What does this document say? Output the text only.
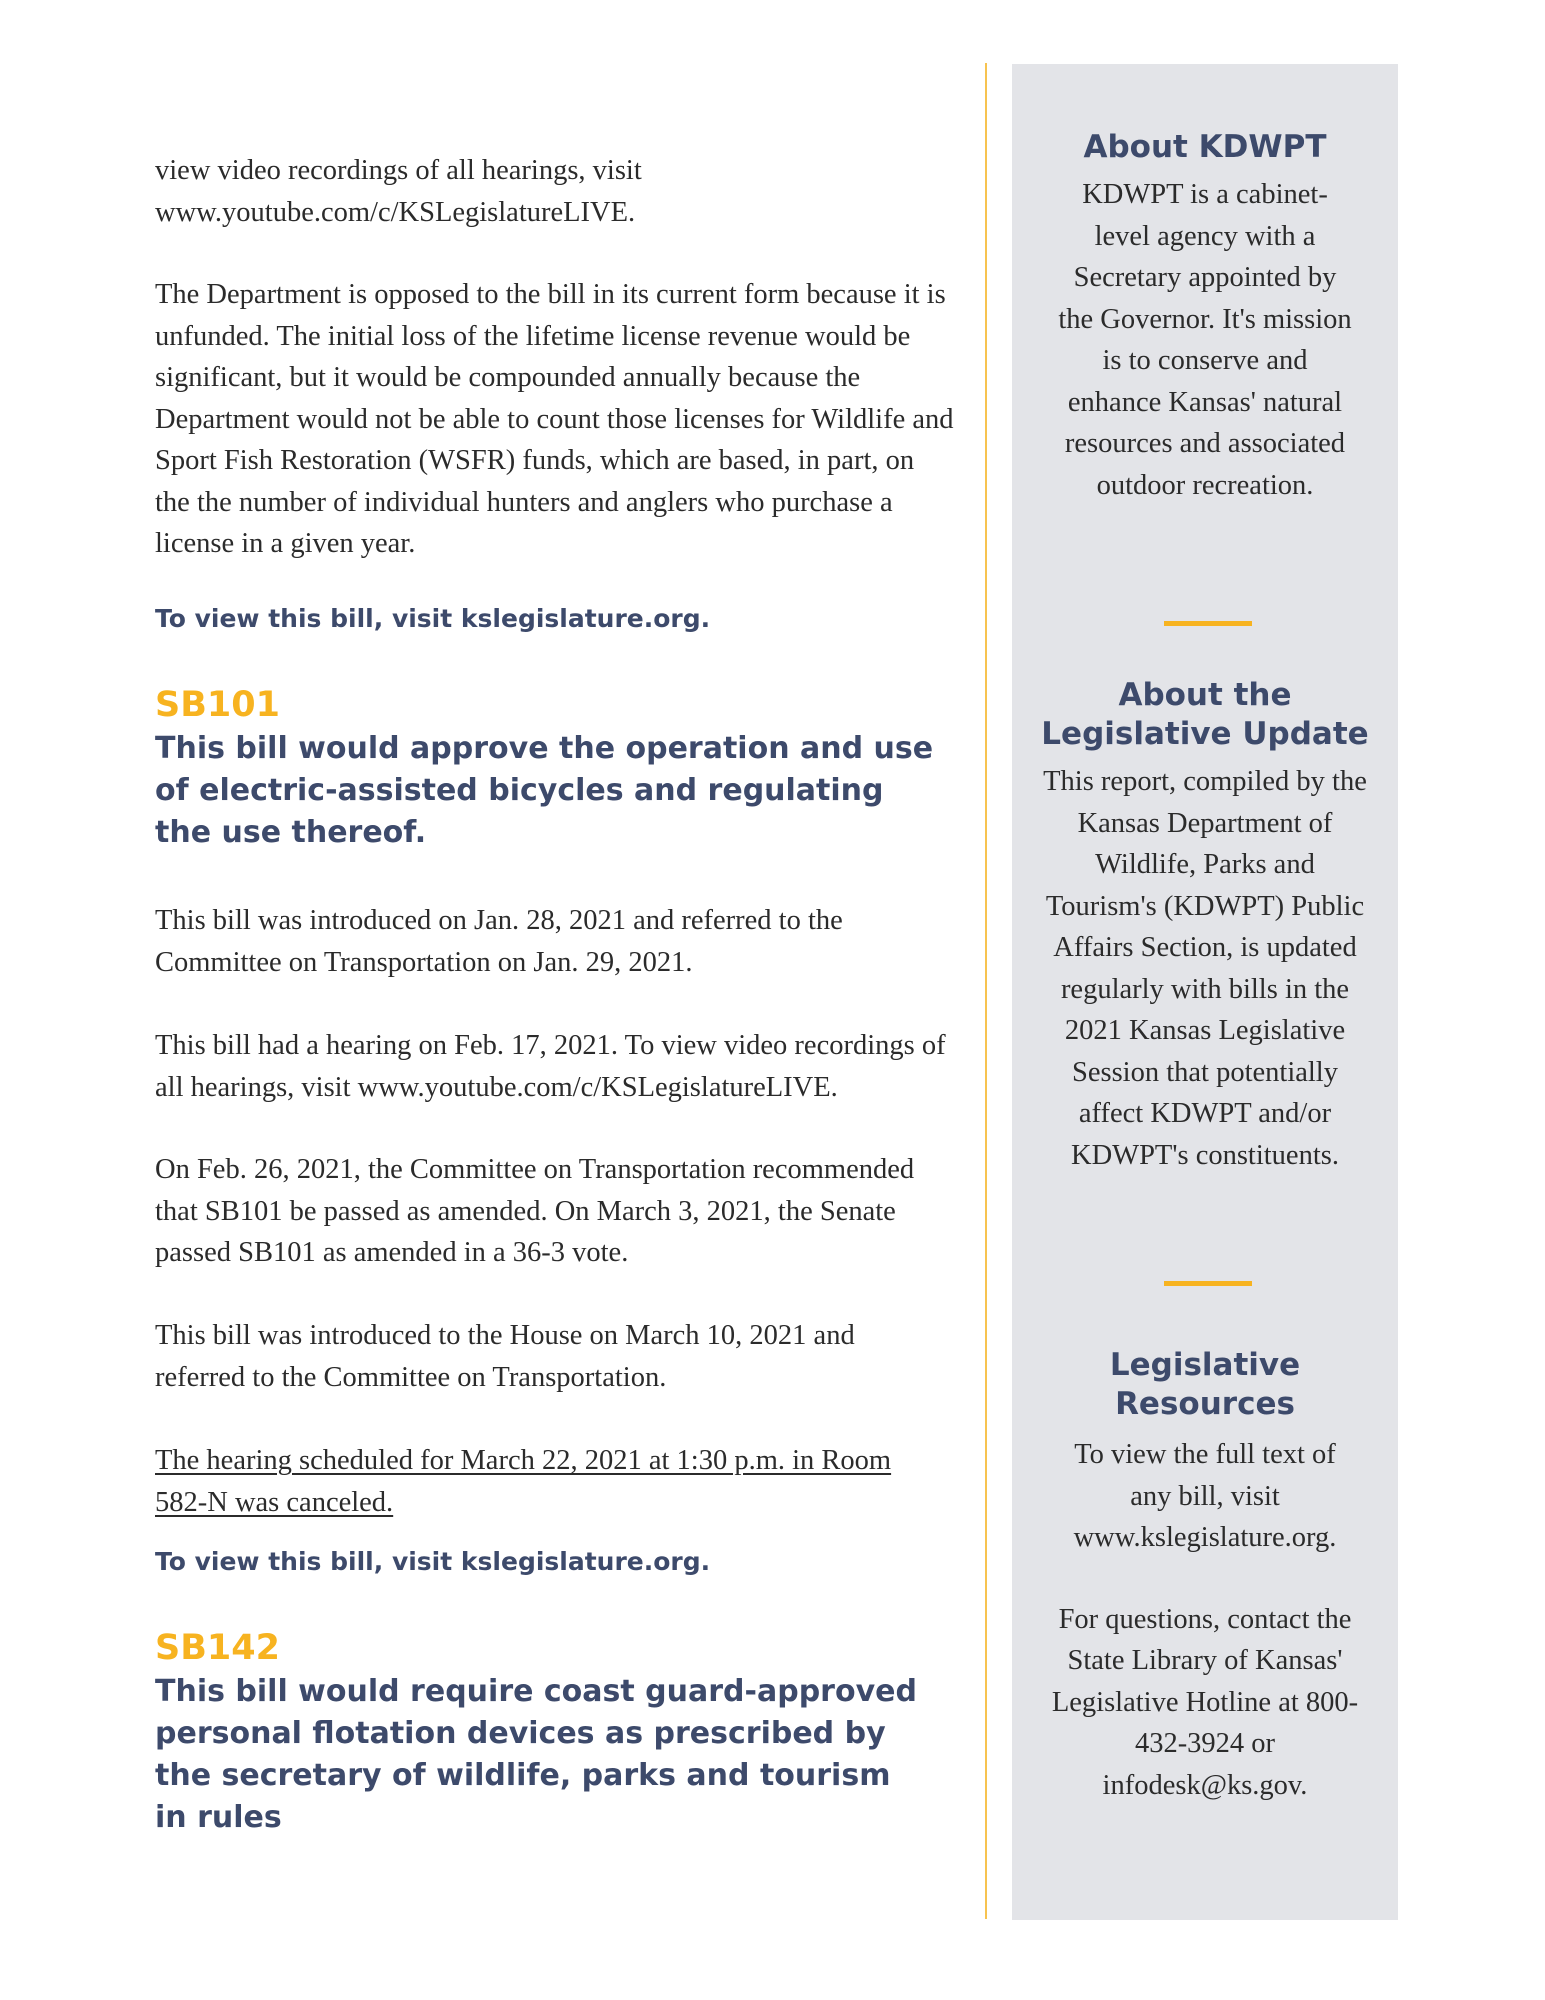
view video recordings of all hearings, visit

www.youtube.com/c/KSLegislatureLIVE.

The Department is opposed to the bill in its current form because it is unfunded. The initial loss of the lifetime license revenue would be significant, but it would be compounded annually because the Department would not be able to count those licenses for Wildlife and Sport Fish Restoration (WSFR) funds, which are based, in part, on the the number of individual hunters and anglers who purchase a license in a given year.

To view this bill, visit kslegislature.org.

SB101

This bill would approve the operation and use of electric-assisted bicycles and regulating the use thereof.

This bill was introduced on Jan. 28, 2021 and referred to the Committee on Transportation on Jan. 29, 2021.

This bill had a hearing on Feb. 17, 2021. To view video recordings of all hearings, visit www.youtube.com/c/KSLegislatureLIVE.

On Feb. 26, 2021, the Committee on Transportation recommended that SB101 be passed as amended. On March 3, 2021, the Senate passed SB101 as amended in a 36-3 vote.

This bill was introduced to the House on March 10, 2021 and referred to the Committee on Transportation.

The hearing scheduled for March 22, 2021 at 1:30 p.m. in Room 582-N was canceled.

To view this bill, visit kslegislature.org.

SB142

This bill would require coast guard-approved personal flotation devices as prescribed by the secretary of wildlife, parks and tourism in rules

About KDWPT

KDWPT is a cabinet-level agency with a Secretary appointed by the Governor. It's mission is to conserve and enhance Kansas' natural resources and associated outdoor recreation.

About the

Legislative Update

This report, compiled by the Kansas Department of Wildlife, Parks and Tourism's (KDWPT) Public Affairs Section, is updated regularly with bills in the 2021 Kansas Legislative Session that potentially affect KDWPT and/or KDWPT's constituents.

Legislative

Resources

To view the full text of any bill, visit www.kslegislature.org.

For questions, contact the State Library of Kansas' Legislative Hotline at 800-432-3924 or infodesk@ks.gov.
